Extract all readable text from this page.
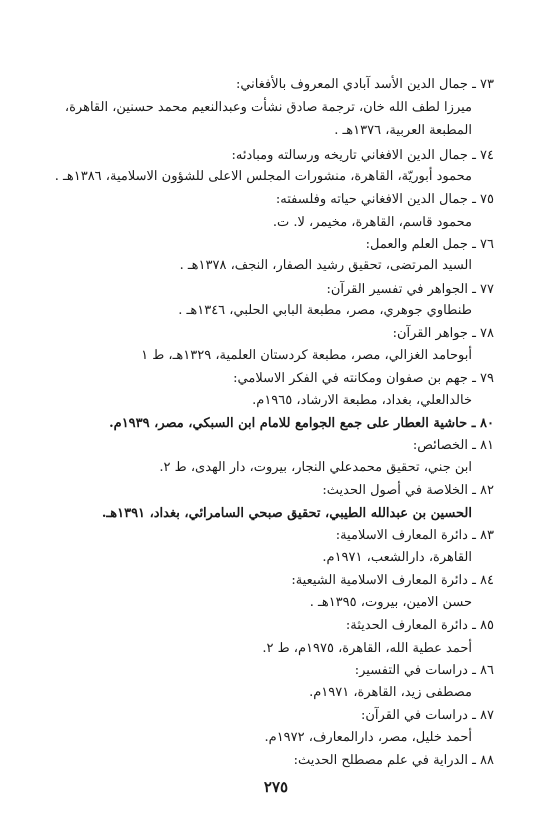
٧٣ ـ جمال الدين الأسد آبادي المعروف بالأفغاني:
ميرزا لطف الله خان، ترجمة صادق نشأت وعبدالنعيم محمد حسنين، القاهرة،
المطبعة العربية، ١٣٧٦هـ .
٧٤ ـ جمال الدين الافغاني تاريخه ورسالته ومبادئه:
محمود أبوريّة، القاهرة، منشورات المجلس الاعلى للشؤون الاسلامية، ١٣٨٦هـ .
٧٥ ـ جمال الدين الافغاني حياته وفلسفته:
محمود قاسم، القاهرة، مخيمر، لا. ت.
٧٦ ـ جمل العلم والعمل:
السيد المرتضى، تحقيق رشيد الصفار، النجف، ١٣٧٨هـ .
٧٧ ـ الجواهر في تفسير القرآن:
طنطاوي جوهري، مصر، مطبعة البابي الحلبي، ١٣٤٦هـ .
٧٨ ـ جواهر القرآن:
أبوحامد الغزالي، مصر، مطبعة كردستان العلمية، ١٣٢٩هـ، ط ١
٧٩ ـ جهم بن صفوان ومكانته في الفكر الاسلامي:
خالدالعلي، بغداد، مطبعة الارشاد، ١٩٦٥م.
٨٠ ـ حاشية العطار على جمع الجوامع للامام ابن السبكي، مصر، ١٩٣٩م.
٨١ ـ الخصائص:
ابن جني، تحقيق محمدعلي النجار، بيروت، دار الهدى، ط ٢.
٨٢ ـ الخلاصة في أصول الحديث:
الحسين بن عبدالله الطيبي، تحقيق صبحي السامرائي، بغداد، ١٣٩١هـ.
٨٣ ـ دائرة المعارف الاسلامية:
القاهرة، دارالشعب، ١٩٧١م.
٨٤ ـ دائرة المعارف الاسلامية الشيعية:
حسن الامين، بيروت، ١٣٩٥هـ .
٨٥ ـ دائرة المعارف الحديثة:
أحمد عطية الله، القاهرة، ١٩٧٥م، ط ٢.
٨٦ ـ دراسات في التفسير:
مصطفى زيد، القاهرة، ١٩٧١م.
٨٧ ـ دراسات في القرآن:
أحمد خليل، مصر، دارالمعارف، ١٩٧٢م.
٨٨ ـ الدراية في علم مصطلح الحديث:
٢٧٥
